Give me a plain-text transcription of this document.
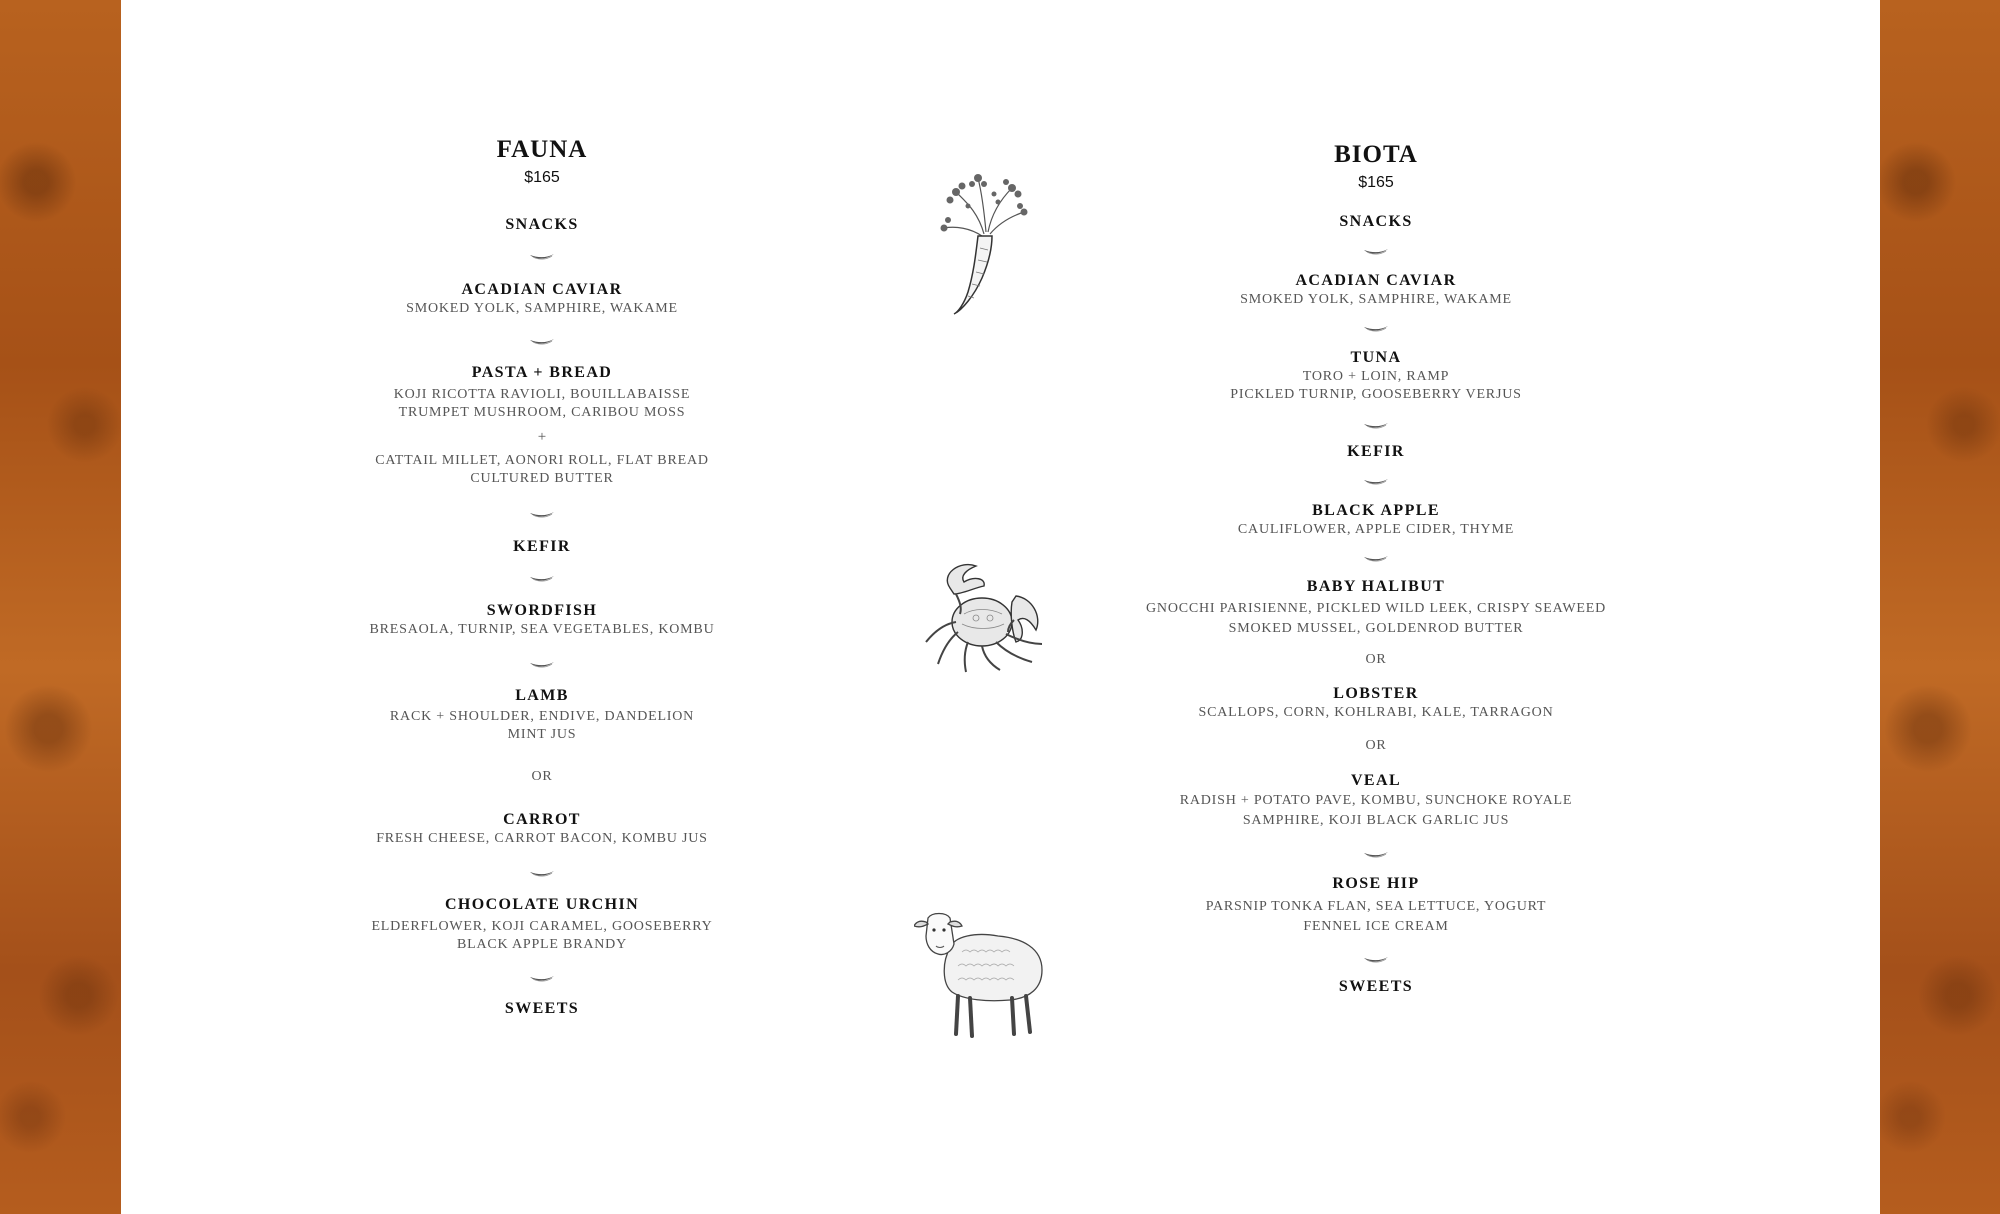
FAUNA
$165
SNACKS
ACADIAN CAVIAR
SMOKED YOLK, SAMPHIRE, WAKAME
PASTA + BREAD
KOJI RICOTTA RAVIOLI, BOUILLABAISSE
TRUMPET MUSHROOM, CARIBOU MOSS
+
CATTAIL MILLET, AONORI ROLL, FLAT BREAD
CULTURED BUTTER
KEFIR
SWORDFISH
BRESAOLA, TURNIP, SEA VEGETABLES, KOMBU
LAMB
RACK + SHOULDER, ENDIVE, DANDELION
MINT JUS
OR
CARROT
FRESH CHEESE, CARROT BACON, KOMBU JUS
CHOCOLATE URCHIN
ELDERFLOWER, KOJI CARAMEL, GOOSEBERRY
BLACK APPLE BRANDY
SWEETS
BIOTA
$165
SNACKS
ACADIAN CAVIAR
SMOKED YOLK, SAMPHIRE, WAKAME
TUNA
TORO + LOIN, RAMP
PICKLED TURNIP, GOOSEBERRY VERJUS
KEFIR
BLACK APPLE
CAULIFLOWER, APPLE CIDER, THYME
BABY HALIBUT
GNOCCHI PARISIENNE, PICKLED WILD LEEK, CRISPY SEAWEED
SMOKED MUSSEL, GOLDENROD BUTTER
OR
LOBSTER
SCALLOPS, CORN, KOHLRABI, KALE, TARRAGON
OR
VEAL
RADISH + POTATO PAVE, KOMBU, SUNCHOKE ROYALE
SAMPHIRE, KOJI BLACK GARLIC JUS
ROSE HIP
PARSNIP TONKA FLAN, SEA LETTUCE, YOGURT
FENNEL ICE CREAM
SWEETS
